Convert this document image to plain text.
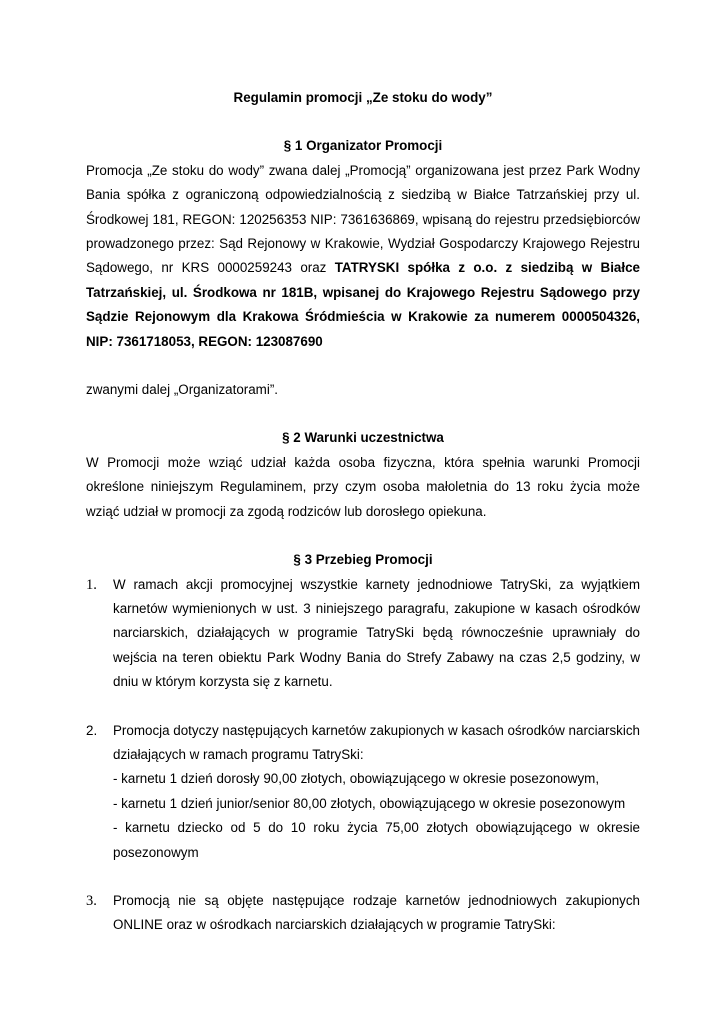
Regulamin promocji „Ze stoku do wody”

§ 1 Organizator Promocji

Promocja „Ze stoku do wody” zwana dalej „Promocją” organizowana jest przez Park Wodny Bania spółka z ograniczoną odpowiedzialnością z siedzibą w Białce Tatrzańskiej przy ul. Środkowej 181, REGON: 120256353 NIP: 7361636869, wpisaną do rejestru przedsiębiorców prowadzonego przez: Sąd Rejonowy w Krakowie, Wydział Gospodarczy Krajowego Rejestru Sądowego, nr KRS 0000259243 oraz TATRYSKI spółka z o.o. z siedzibą w Białce Tatrzańskiej, ul. Środkowa nr 181B, wpisanej do Krajowego Rejestru Sądowego przy Sądzie Rejonowym dla Krakowa Śródmieścia w Krakowie za numerem 0000504326, NIP: 7361718053, REGON: 123087690

zwanymi dalej „Organizatorami”.

§ 2 Warunki uczestnictwa

W Promocji może wziąć udział każda osoba fizyczna, która spełnia warunki Promocji określone niniejszym Regulaminem, przy czym osoba małoletnia do 13 roku życia może wziąć udział w promocji za zgodą rodziców lub dorosłego opiekuna.

§ 3 Przebieg Promocji

1. W ramach akcji promocyjnej wszystkie karnety jednodniowe TatrySki, za wyjątkiem karnetów wymienionych w ust. 3 niniejszego paragrafu, zakupione w kasach ośrodków narciarskich, działających w programie TatrySki będą równocześnie uprawniały do wejścia na teren obiektu Park Wodny Bania do Strefy Zabawy na czas 2,5 godziny, w dniu w którym korzysta się z karnetu.
2. Promocja dotyczy następujących karnetów zakupionych w kasach ośrodków narciarskich działających w ramach programu TatrySki:

- karnetu 1 dzień dorosły 90,00 złotych, obowiązującego w okresie posezonowym,

- karnetu 1 dzień junior/senior 80,00 złotych, obowiązującego w okresie posezonowym

- karnetu dziecko od 5 do 10 roku życia 75,00 złotych obowiązującego w okresie posezonowym

3. Promocją nie są objęte następujące rodzaje karnetów jednodniowych zakupionych ONLINE oraz w ośrodkach narciarskich działających w programie TatrySki:
